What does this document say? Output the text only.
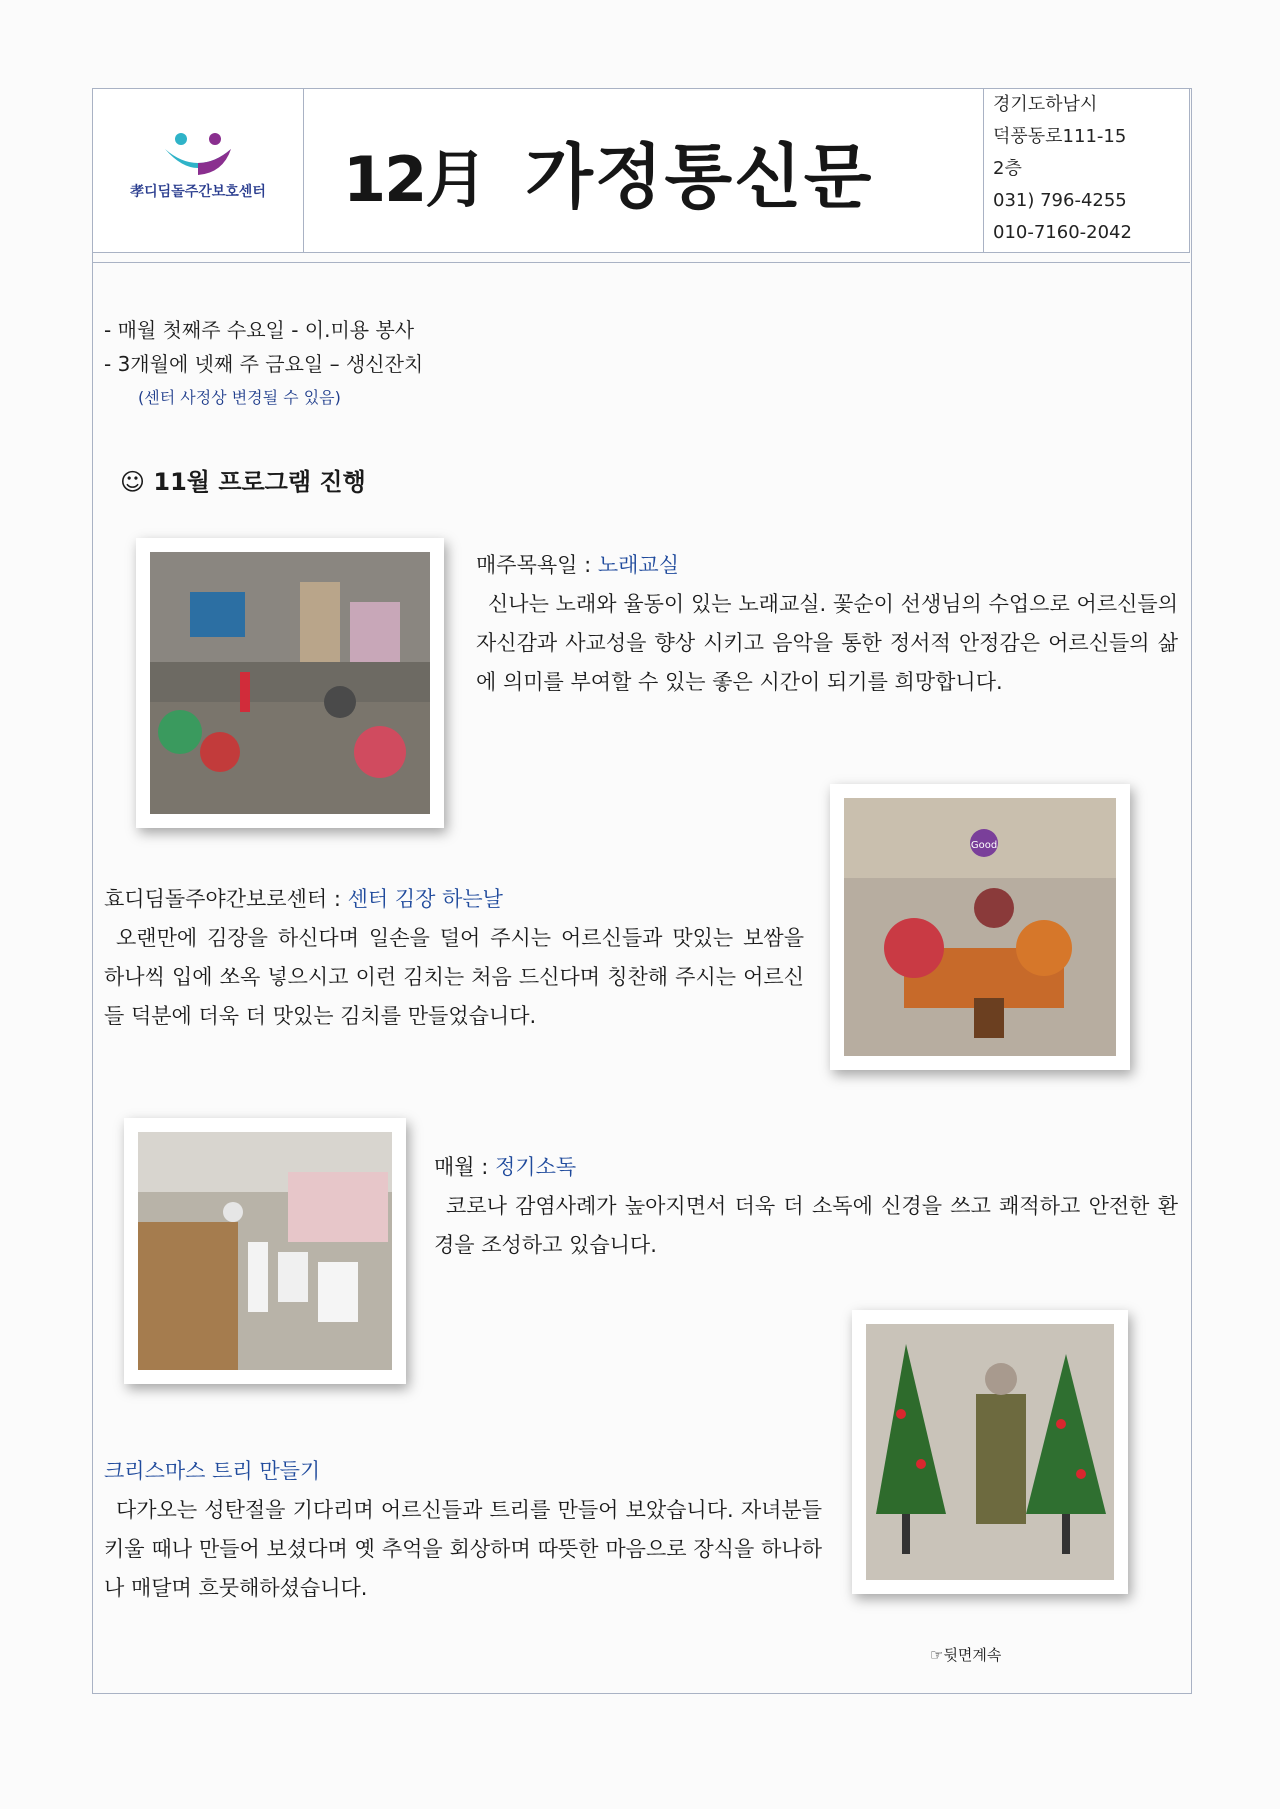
孝디딤돌주간보호센터	12月 가정통신문
경기도하남시
덕풍동로111-15
2층
031) 796-4255
010-7160-2042
- 매월 첫째주 수요일 - 이.미용 봉사
- 3개월에 넷째 주 금요일 – 생신잔치
(센터 사정상 변경될 수 있음)
☺ 11월 프로그램 진행
매주목욕일 : 노래교실
신나는 노래와 율동이 있는 노래교실. 꽃순이 선생님의 수업으로 어르신들의 자신감과 사교성을 향상 시키고 음악을 통한 정서적 안정감은 어르신들의 삶에 의미를 부여할 수 있는 좋은 시간이 되기를 희망합니다.
Good
효디딤돌주야간보로센터 : 센터 김장 하는날
오랜만에 김장을 하신다며 일손을 덜어 주시는 어르신들과 맛있는 보쌈을 하나씩 입에 쏘옥 넣으시고 이런 김치는 처음 드신다며 칭찬해 주시는 어르신들 덕분에 더욱 더 맛있는 김치를 만들었습니다.
매월 : 정기소독
코로나 감염사례가 높아지면서 더욱 더 소독에 신경을 쓰고 쾌적하고 안전한 환경을 조성하고 있습니다.
크리스마스 트리 만들기
다가오는 성탄절을 기다리며 어르신들과 트리를 만들어 보았습니다. 자녀분들 키울 때나 만들어 보셨다며 옛 추억을 회상하며 따뜻한 마음으로 장식을 하나하나 매달며 흐뭇해하셨습니다.
☞뒷면계속
